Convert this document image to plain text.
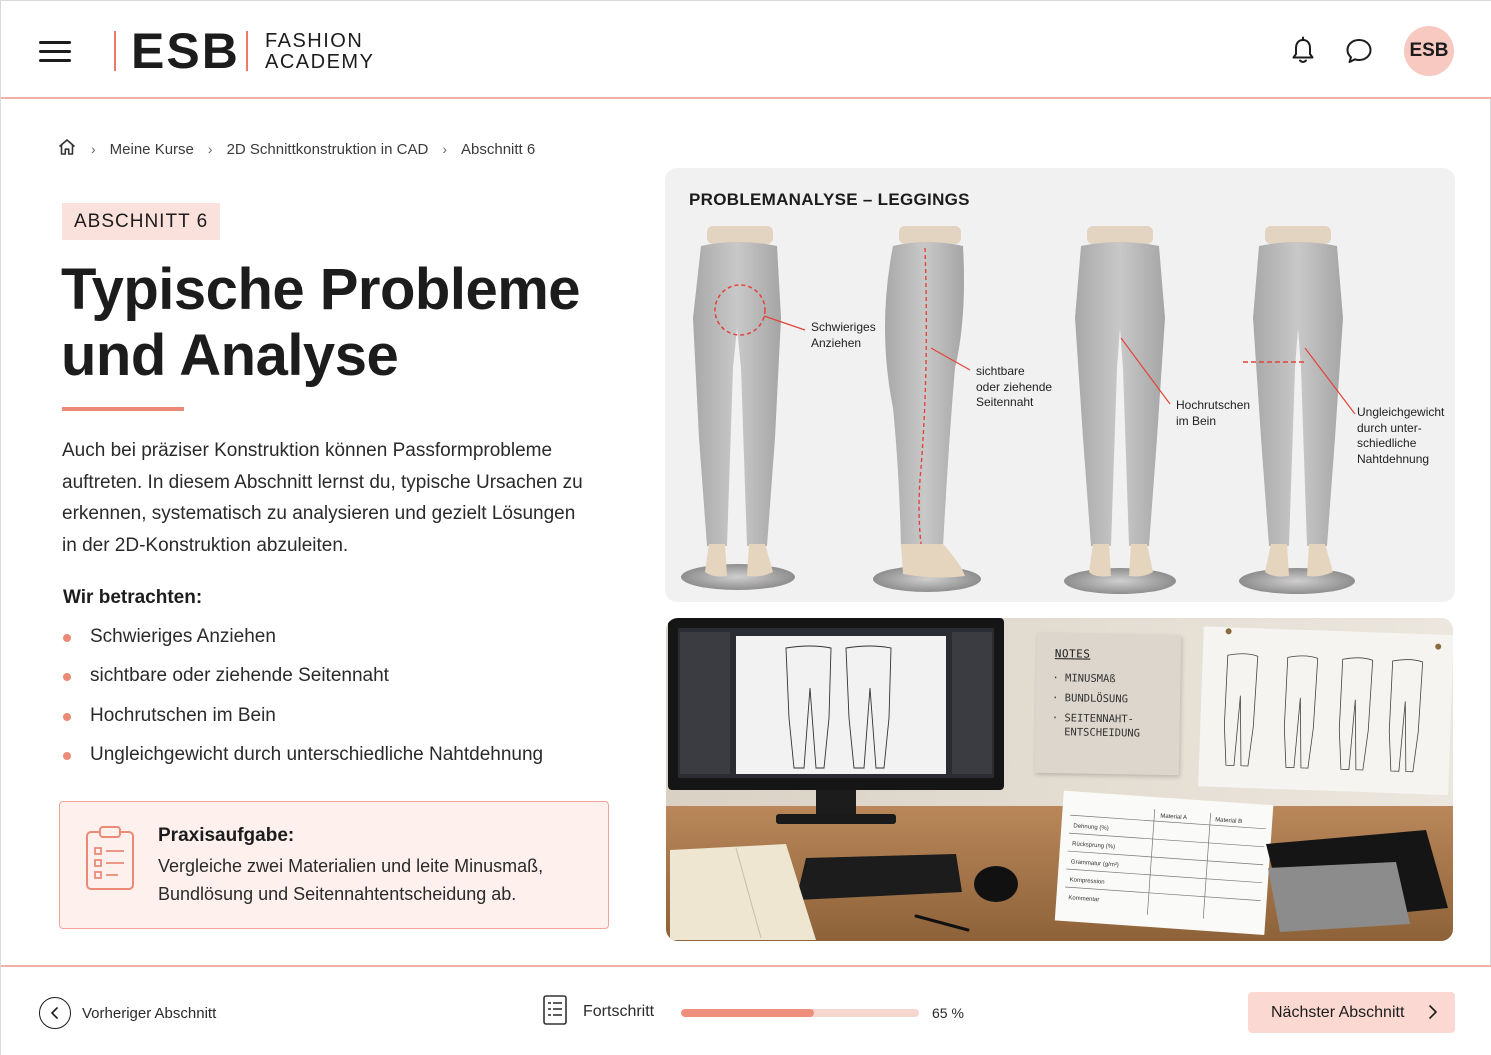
ESB FASHION
ACADEMY
ESB
› Meine Kurse › 2D Schnittkonstruktion in CAD › Abschnitt 6
ABSCHNITT 6
Typische Probleme und Analyse

Auch bei präziser Konstruktion können Passformprobleme auftreten. In diesem Abschnitt lernst du, typische Ursachen zu erkennen, systematisch zu analysieren und gezielt Lösungen in der 2D-Konstruktion abzuleiten.

Wir betrachten:
Schwieriges Anziehen
sichtbare oder ziehende Seitennaht
Hochrutschen im Bein
Ungleichgewicht durch unterschiedliche Nahtdehnung
Praxisaufgabe:
Vergleiche zwei Materialien und leite Minusmaß, Bundlösung und Seitennahtentscheidung ab.
PROBLEMANALYSE – LEGGINGS
Schwieriges
Anziehen
sichtbare
oder ziehende
Seitennaht	Hochrutschen
im Bein
Ungleichgewicht
durch unter-
schiedliche
Nahtdehnung
Material A	Material B
Dehnung (%)
Rücksprung (%)
Grammatur (g/m²)
Kompression
Kommentar
NOTES
· MINUSMAß
· BUNDLÖSUNG
· SEITENNAHT-
ENTSCHEIDUNG
Vorheriger Abschnitt	Fortschritt	65 %	Nächster Abschnitt
